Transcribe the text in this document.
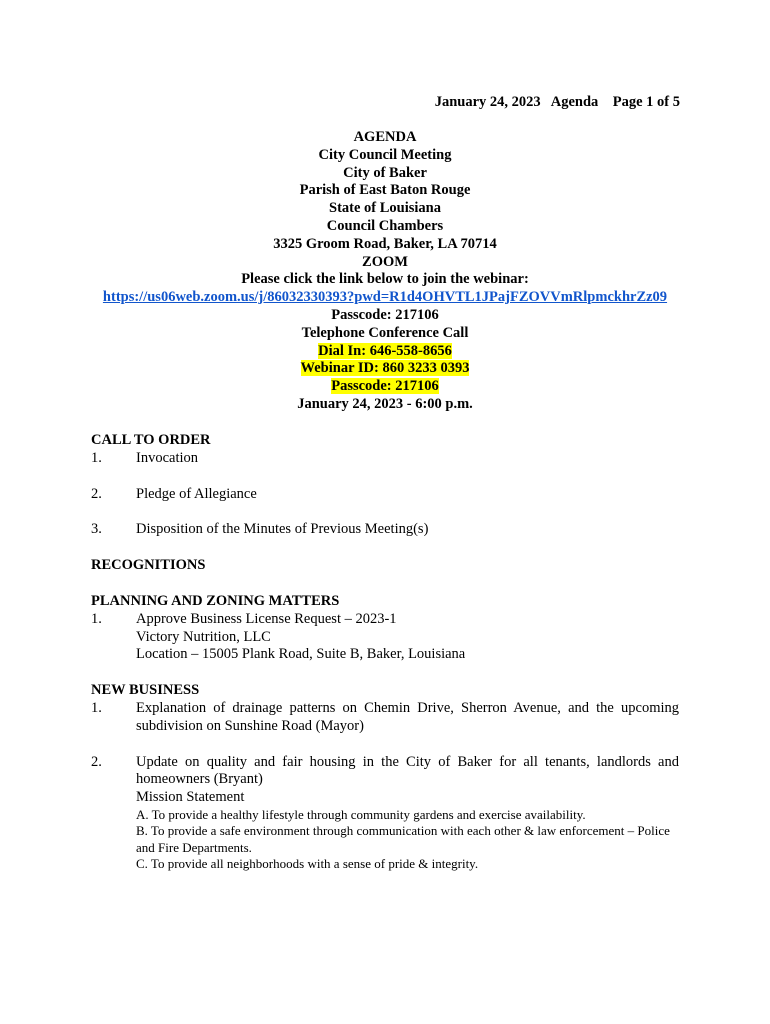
January 24, 2023   Agenda    Page 1 of 5
AGENDA
City Council Meeting
City of Baker
Parish of East Baton Rouge
State of Louisiana
Council Chambers
3325 Groom Road, Baker, LA 70714
ZOOM
Please click the link below to join the webinar:
https://us06web.zoom.us/j/86032330393?pwd=R1d4OHVTL1JPajFZOVVmRlpmckhrZz09
Passcode: 217106
Telephone Conference Call
Dial In: 646-558-8656
Webinar ID: 860 3233 0393
Passcode: 217106
January 24, 2023 - 6:00 p.m.
CALL TO ORDER
1.	Invocation
2.	Pledge of Allegiance
3.	Disposition of the Minutes of Previous Meeting(s)
RECOGNITIONS
PLANNING AND ZONING MATTERS
1.	Approve Business License Request – 2023-1
Victory Nutrition, LLC
Location – 15005 Plank Road, Suite B, Baker, Louisiana
NEW BUSINESS
1.	Explanation of drainage patterns on Chemin Drive, Sherron Avenue, and the upcoming subdivision on Sunshine Road (Mayor)
2.	Update on quality and fair housing in the City of Baker for all tenants, landlords and homeowners (Bryant)
Mission Statement
A. To provide a healthy lifestyle through community gardens and exercise availability.
B. To provide a safe environment through communication with each other & law enforcement – Police and Fire Departments.
C. To provide all neighborhoods with a sense of pride & integrity.
